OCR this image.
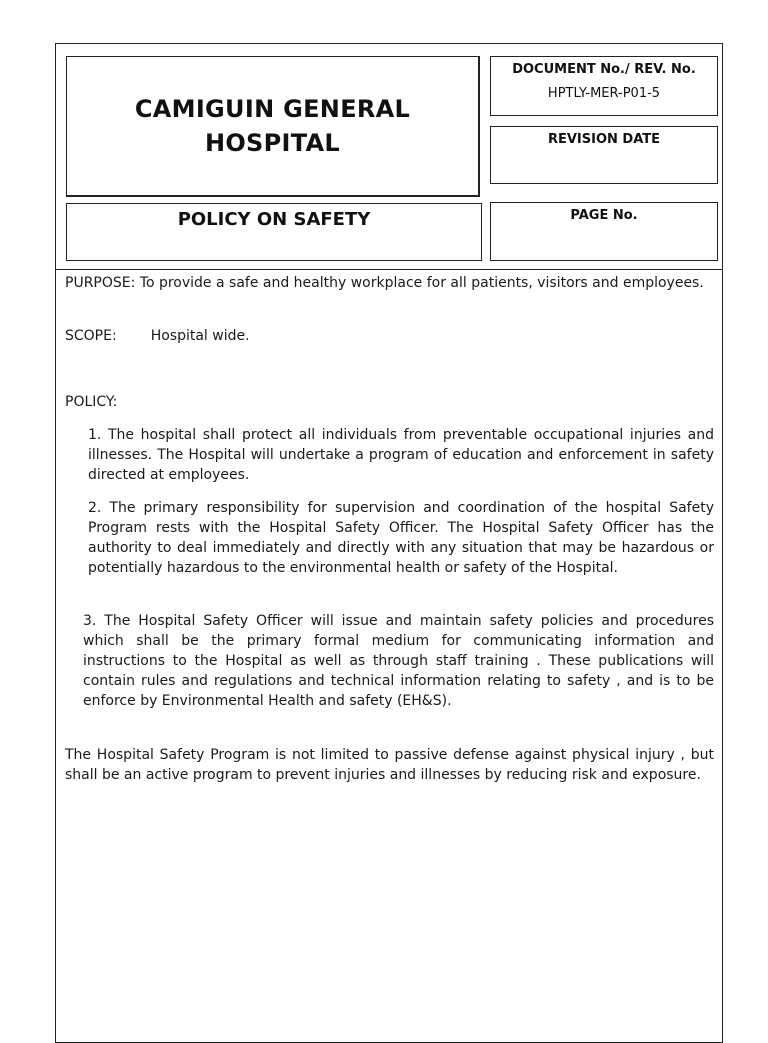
CAMIGUIN GENERAL HOSPITAL
POLICY ON SAFETY
DOCUMENT No./ REV. No.
HPTLY-MER-P01-5
REVISION DATE
PAGE No.

PURPOSE: To provide a safe and healthy workplace for all patients, visitors and employees.

SCOPE: Hospital wide.

POLICY:

1. The hospital shall protect all individuals from preventable occupational injuries and illnesses. The Hospital will undertake a program of education and enforcement in safety directed at employees.

2. The primary responsibility for supervision and coordination of the hospital Safety Program rests with the Hospital Safety Officer. The Hospital Safety Officer has the authority to deal immediately and directly with any situation that may be hazardous or potentially hazardous to the environmental health or safety of the Hospital.

3. The Hospital Safety Officer will issue and maintain safety policies and procedures which shall be the primary formal medium for communicating information and instructions to the Hospital as well as through staff training . These publications will contain rules and regulations and technical information relating to safety , and is to be enforce by Environmental Health and safety (EH&S).

The Hospital Safety Program is not limited to passive defense against physical injury , but shall be an active program to prevent injuries and illnesses by reducing risk and exposure.
